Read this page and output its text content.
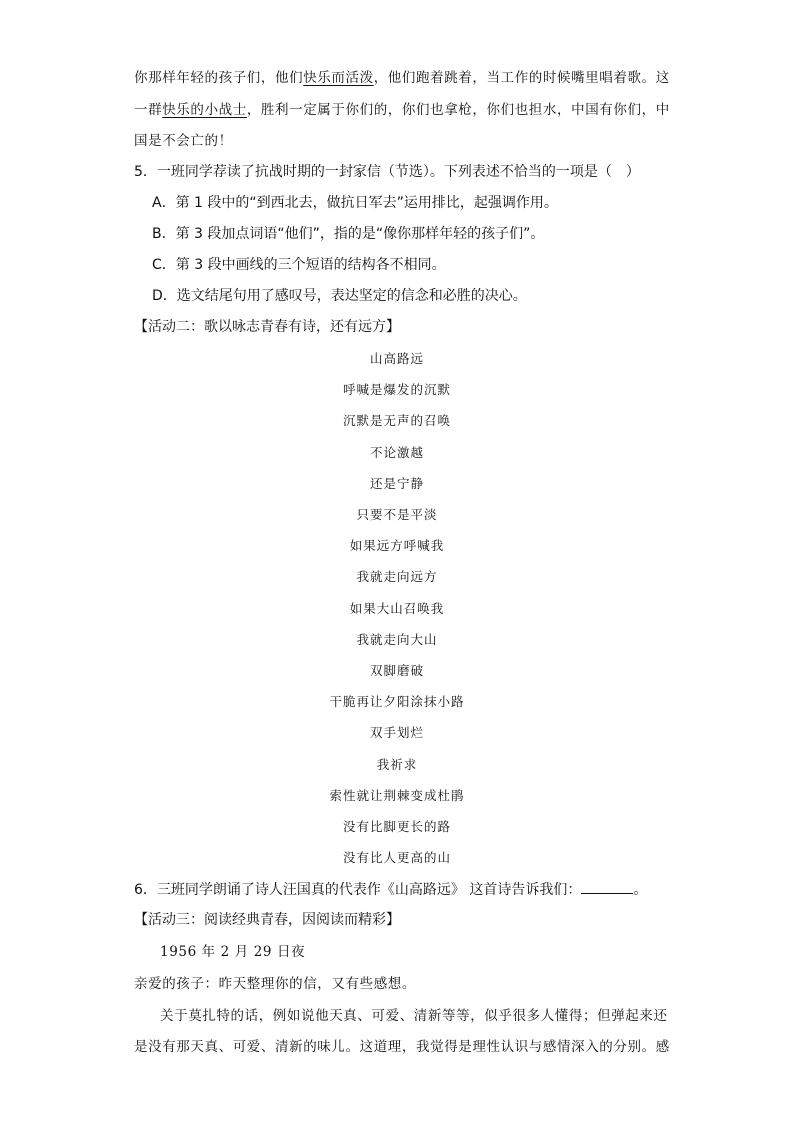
你那样年轻的孩子们，他们快乐而活泼，他们跑着跳着，当工作的时候嘴里唱着歌。这
一群快乐的小战士，胜利一定属于你们的，你们也拿枪，你们也担水，中国有你们，中
国是不会亡的！
5．一班同学荐读了抗战时期的一封家信（节选）。下列表述不恰当的一项是（　）
A．第 1 段中的“到西北去，做抗日军去”运用排比，起强调作用。
B．第 3 段加点词语“他们”，指的是“像你那样年轻的孩子们”。
C．第 3 段中画线的三个短语的结构各不相同。
D．选文结尾句用了感叹号，表达坚定的信念和必胜的决心。
【活动二：歌以咏志青春有诗，还有远方】
山高路远
呼喊是爆发的沉默
沉默是无声的召唤
不论激越
还是宁静
只要不是平淡
如果远方呼喊我
我就走向远方
如果大山召唤我
我就走向大山
双脚磨破
干脆再让夕阳涂抹小路
双手划烂
我祈求
索性就让荆棘变成杜鹃
没有比脚更长的路
没有比人更高的山
6．三班同学朗诵了诗人汪国真的代表作《山高路远》 这首诗告诉我们：	。
【活动三：阅读经典青春，因阅读而精彩】
1956 年 2 月 29 日夜
亲爱的孩子：昨天整理你的信，又有些感想。
关于莫扎特的话，例如说他天真、可爱、清新等等，似乎很多人懂得；但弹起来还
是没有那天真、可爱、清新的味儿。这道理，我觉得是理性认识与感情深入的分别。感
